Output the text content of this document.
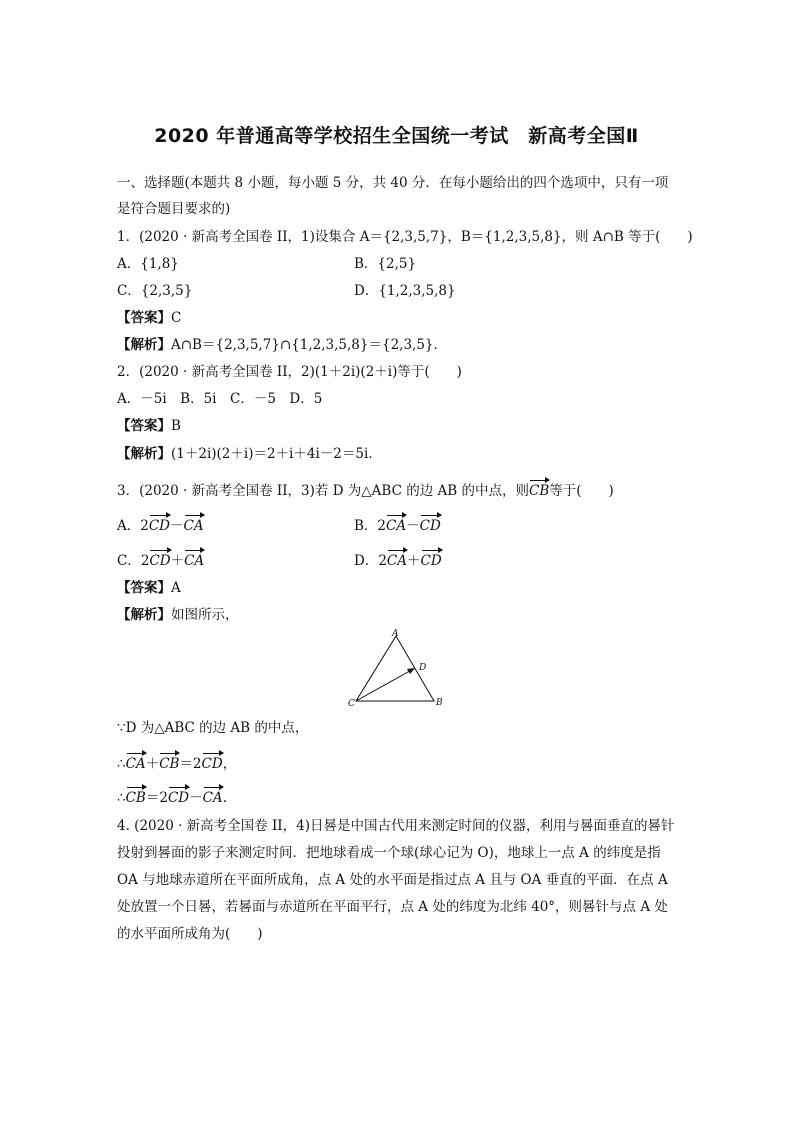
2020 年普通高等学校招生全国统一考试　新高考全国Ⅱ
一、选择题(本题共 8 小题，每小题 5 分，共 40 分．在每小题给出的四个选项中，只有一项
是符合题目要求的)
1．(2020 · 新高考全国卷 II，1)设集合 A＝{2,3,5,7}，B＝{1,2,3,5,8}，则 A∩B 等于(　　)
A．{1,8}	B．{2,5}
C．{2,3,5}	D．{1,2,3,5,8}
【答案】C
【解析】A∩B＝{2,3,5,7}∩{1,2,3,5,8}＝{2,3,5}．
2．(2020 · 新高考全国卷 II，2)(1＋2i)(2＋i)等于(　　)
A．－5i　B．5i　C．－5　D．5
【答案】B
【解析】(1＋2i)(2＋i)＝2＋i＋4i－2＝5i.
3．(2020 · 新高考全国卷 II，3)若 D 为△ABC 的边 AB 的中点，则CB等于(　　)
A．2CD－CA	B．2CA－CD
C．2CD＋CA	D．2CA＋CD
【答案】A
【解析】如图所示，
A
B
C
D
∵D 为△ABC 的边 AB 的中点，
∴CA＋CB＝2CD，
∴CB＝2CD－CA.
4. (2020 · 新高考全国卷 II，4)日晷是中国古代用来测定时间的仪器，利用与晷面垂直的晷针
投射到晷面的影子来测定时间．把地球看成一个球(球心记为 O)，地球上一点 A 的纬度是指
OA 与地球赤道所在平面所成角，点 A 处的水平面是指过点 A 且与 OA 垂直的平面．在点 A
处放置一个日晷，若晷面与赤道所在平面平行，点 A 处的纬度为北纬 40°，则晷针与点 A 处
的水平面所成角为(　　)
